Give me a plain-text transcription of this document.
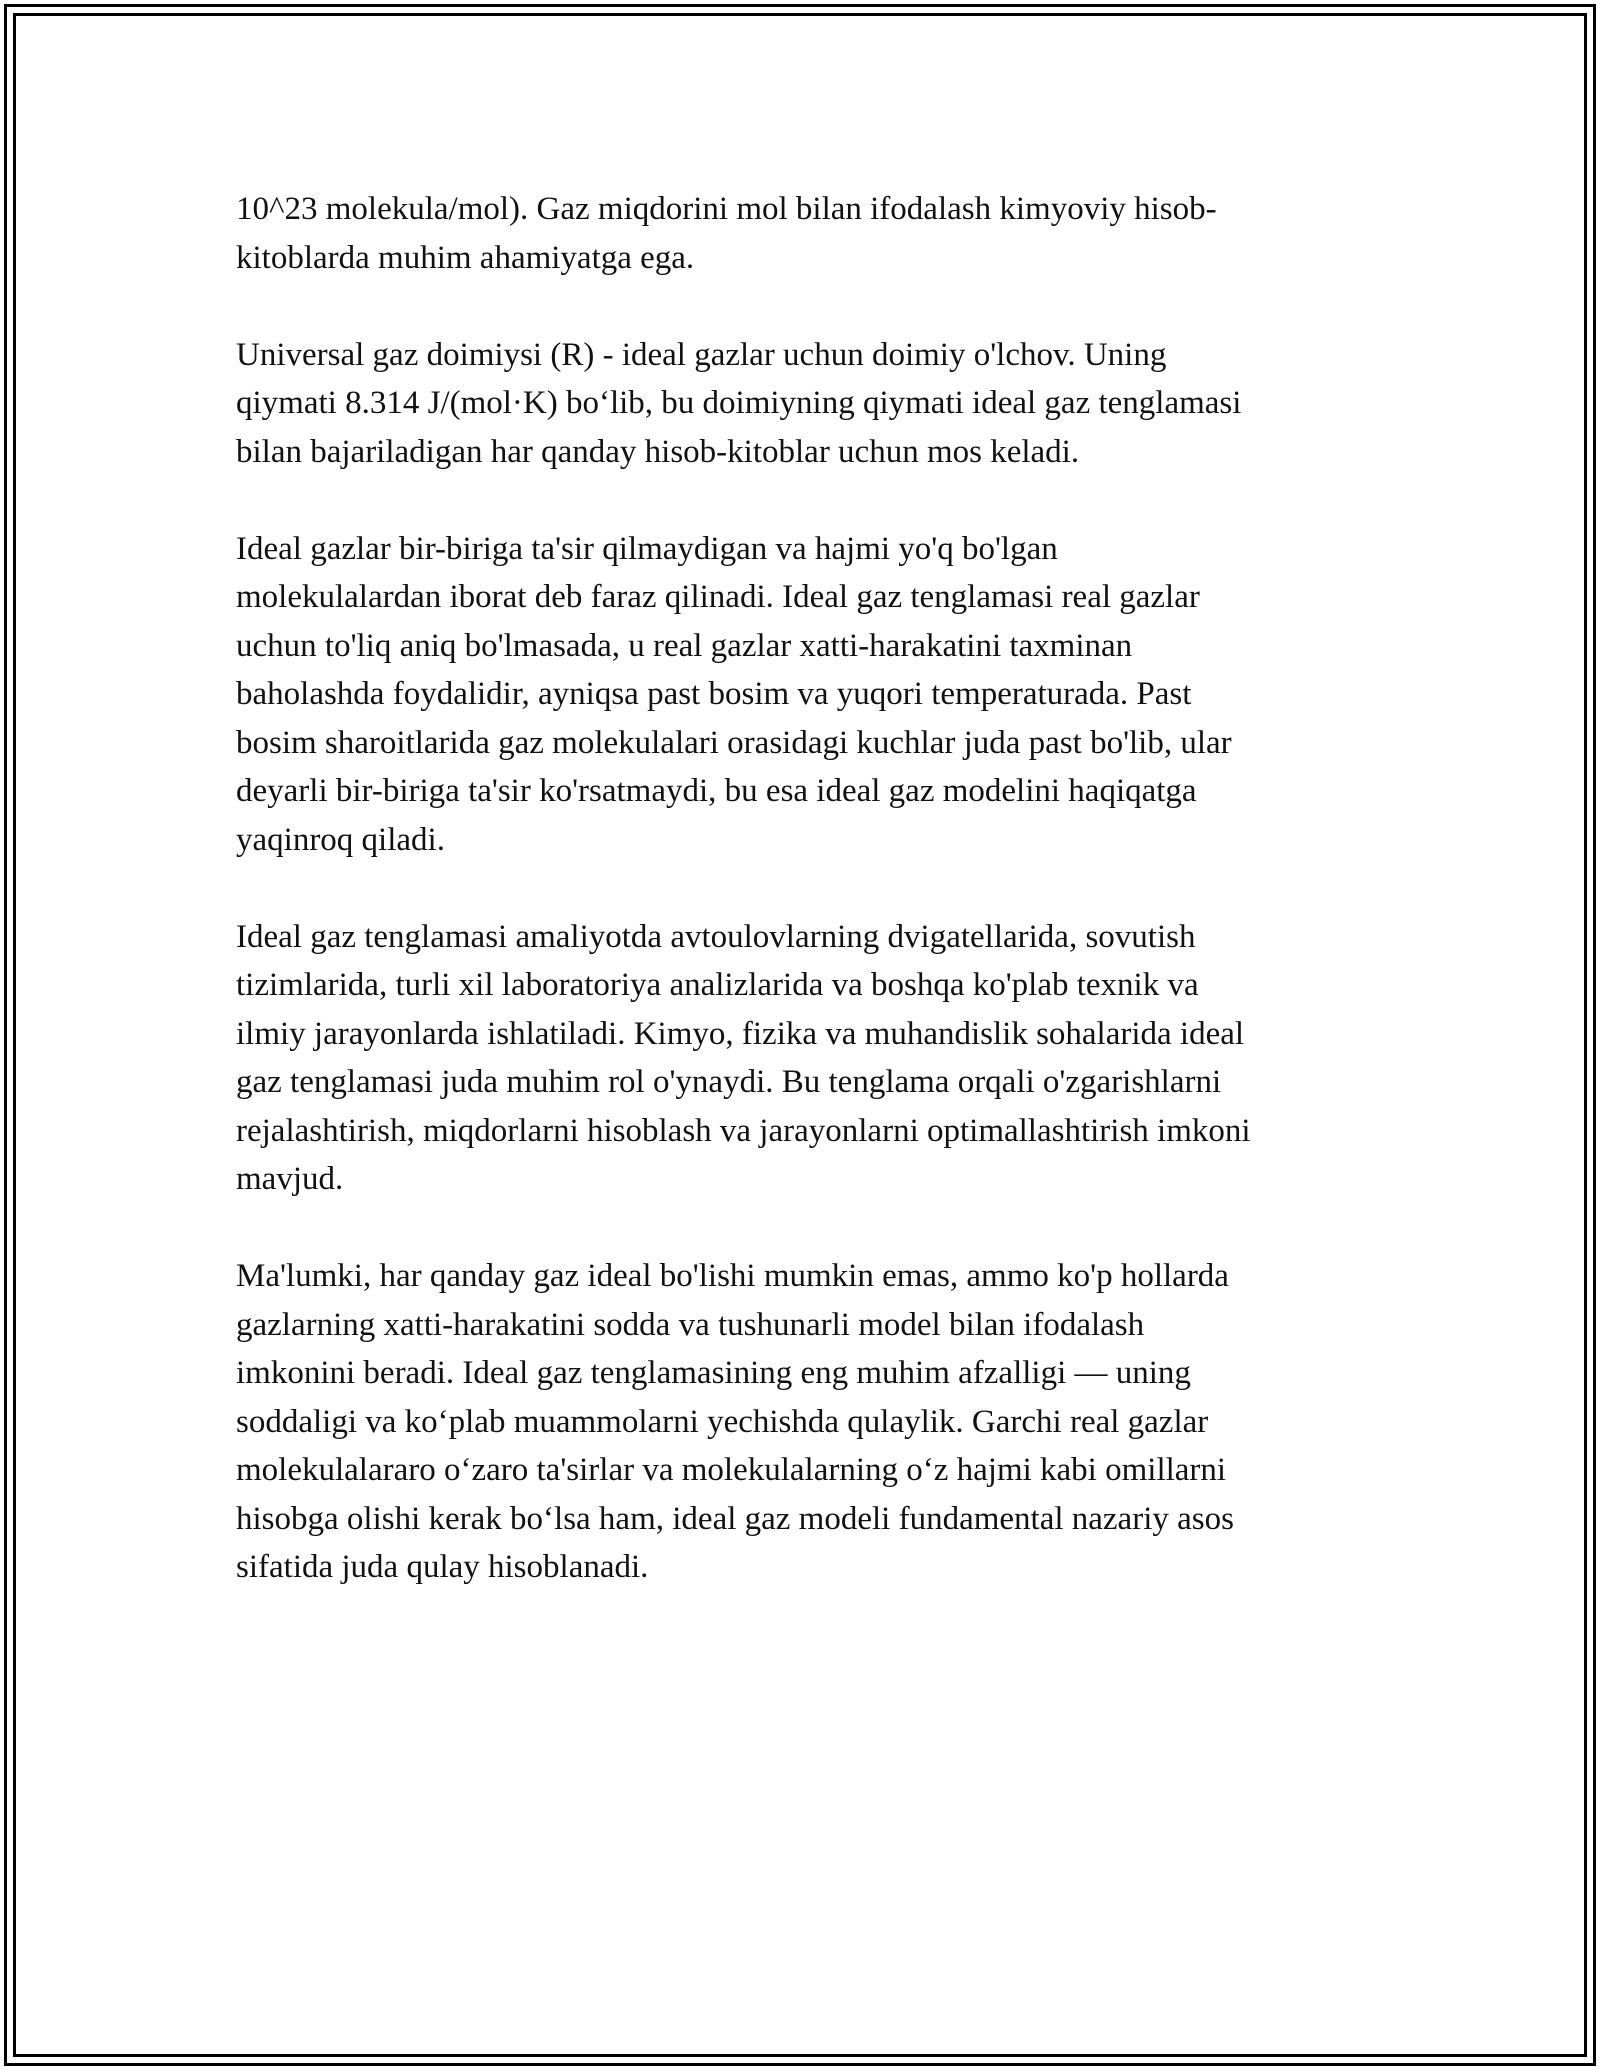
10^23 molekula/mol). Gaz miqdorini mol bilan ifodalash kimyoviy hisob-
kitoblarda muhim ahamiyatga ega.

Universal gaz doimiysi (R) - ideal gazlar uchun doimiy o'lchov. Uning
qiymati 8.314 J/(mol·K) bo‘lib, bu doimiyning qiymati ideal gaz tenglamasi
bilan bajariladigan har qanday hisob-kitoblar uchun mos keladi.

Ideal gazlar bir-biriga ta'sir qilmaydigan va hajmi yo'q bo'lgan
molekulalardan iborat deb faraz qilinadi. Ideal gaz tenglamasi real gazlar
uchun to'liq aniq bo'lmasada, u real gazlar xatti-harakatini taxminan
baholashda foydalidir, ayniqsa past bosim va yuqori temperaturada. Past
bosim sharoitlarida gaz molekulalari orasidagi kuchlar juda past bo'lib, ular
deyarli bir-biriga ta'sir ko'rsatmaydi, bu esa ideal gaz modelini haqiqatga
yaqinroq qiladi.

Ideal gaz tenglamasi amaliyotda avtoulovlarning dvigatellarida, sovutish
tizimlarida, turli xil laboratoriya analizlarida va boshqa ko'plab texnik va
ilmiy jarayonlarda ishlatiladi. Kimyo, fizika va muhandislik sohalarida ideal
gaz tenglamasi juda muhim rol o'ynaydi. Bu tenglama orqali o'zgarishlarni
rejalashtirish, miqdorlarni hisoblash va jarayonlarni optimallashtirish imkoni
mavjud.

Ma'lumki, har qanday gaz ideal bo'lishi mumkin emas, ammo ko'p hollarda
gazlarning xatti-harakatini sodda va tushunarli model bilan ifodalash
imkonini beradi. Ideal gaz tenglamasining eng muhim afzalligi — uning
soddaligi va ko‘plab muammolarni yechishda qulaylik. Garchi real gazlar
molekulalararo o‘zaro ta'sirlar va molekulalarning o‘z hajmi kabi omillarni
hisobga olishi kerak bo‘lsa ham, ideal gaz modeli fundamental nazariy asos
sifatida juda qulay hisoblanadi.
